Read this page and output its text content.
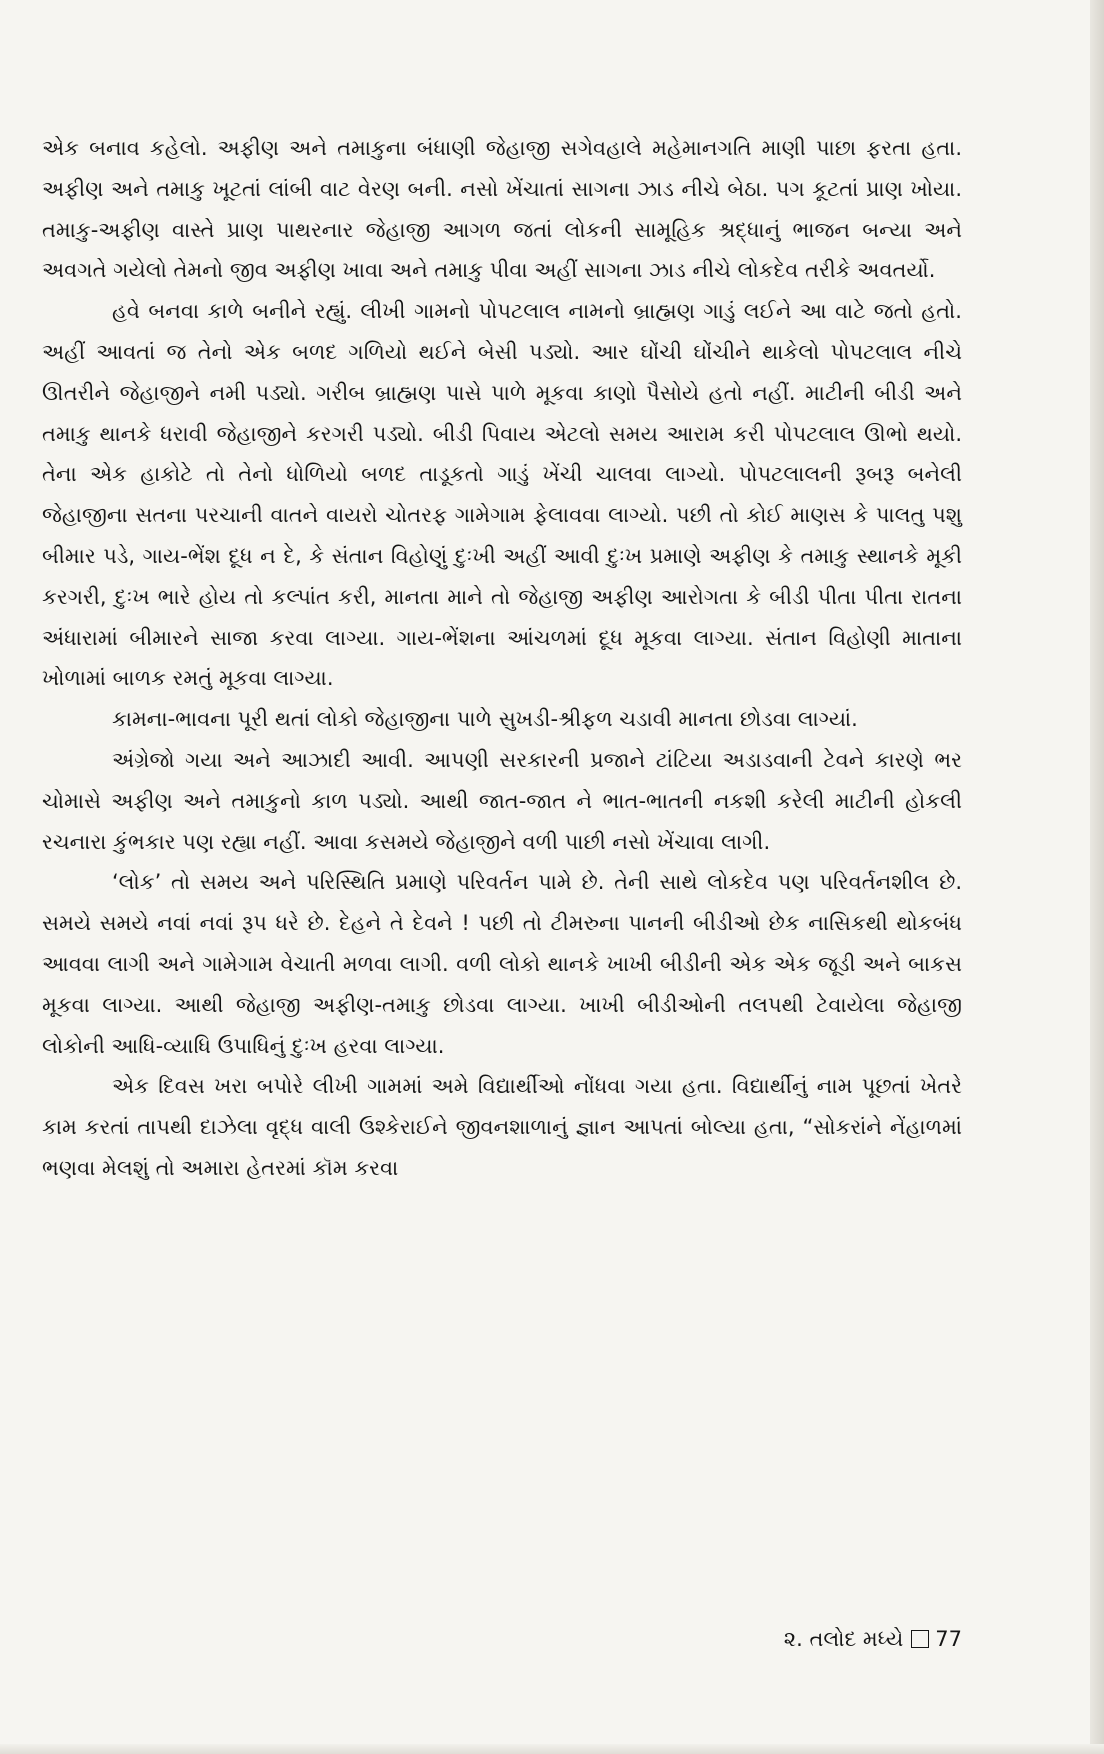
એક બનાવ કહેલો. અફીણ અને તમાકુના બંધાણી જેહાજી સગેવહાલે મહેમાનગતિ માણી પાછા ફરતા હતા. અફીણ અને તમાકુ ખૂટતાં લાંબી વાટ વેરણ બની. નસો ખેંચાતાં સાગના ઝાડ નીચે બેઠા. પગ કૂટતાં પ્રાણ ખોયા. તમાકુ-અફીણ વાસ્તે પ્રાણ પાથરનાર જેહાજી આગળ જતાં લોકની સામૂહિક શ્રદ્ધાનું ભાજન બન્યા અને અવગતે ગયેલો તેમનો જીવ અફીણ ખાવા અને તમાકુ પીવા અહીં સાગના ઝાડ નીચે લોકદેવ તરીકે અવતર્યો.

હવે બનવા કાળે બનીને રહ્યું. લીખી ગામનો પોપટલાલ નામનો બ્રાહ્મણ ગાડું લઈને આ વાટે જતો હતો. અહીં આવતાં જ તેનો એક બળદ ગળિયો થઈને બેસી પડ્યો. આર ઘોંચી ઘોંચીને થાકેલો પોપટલાલ નીચે ઊતરીને જેહાજીને નમી પડ્યો. ગરીબ બ્રાહ્મણ પાસે પાળે મૂકવા કાણો પૈસોયે હતો નહીં. માટીની બીડી અને તમાકુ થાનકે ધરાવી જેહાજીને કરગરી પડ્યો. બીડી પિવાય એટલો સમય આરામ કરી પોપટલાલ ઊભો થયો. તેના એક હાકોટે તો તેનો ધોળિયો બળદ તાડૂકતો ગાડું ખેંચી ચાલવા લાગ્યો. પોપટલાલની રૂબરૂ બનેલી જેહાજીના સતના પરચાની વાતને વાયરો ચોતરફ ગામેગામ ફેલાવવા લાગ્યો. પછી તો કોઈ માણસ કે પાલતુ પશુ બીમાર પડે, ગાય-ભેંશ દૂધ ન દે, કે સંતાન વિહોણું દુઃખી અહીં આવી દુઃખ પ્રમાણે અફીણ કે તમાકુ સ્થાનકે મૂકી કરગરી, દુઃખ ભારે હોય તો કલ્પાંત કરી, માનતા માને તો જેહાજી અફીણ આરોગતા કે બીડી પીતા પીતા રાતના અંધારામાં બીમારને સાજા કરવા લાગ્યા. ગાય-ભેંશના આંચળમાં દૂધ મૂકવા લાગ્યા. સંતાન વિહોણી માતાના ખોળામાં બાળક રમતું મૂકવા લાગ્યા.

કામના-ભાવના પૂરી થતાં લોકો જેહાજીના પાળે સુખડી-શ્રીફળ ચડાવી માનતા છોડવા લાગ્યાં.

અંગ્રેજો ગયા અને આઝાદી આવી. આપણી સરકારની પ્રજાને ટાંટિયા અડાડવાની ટેવને કારણે ભર ચોમાસે અફીણ અને તમાકુનો કાળ પડ્યો. આથી જાત-જાત ને ભાત-ભાતની નકશી કરેલી માટીની હોકલી રચનારા કુંભકાર પણ રહ્યા નહીં. આવા કસમયે જેહાજીને વળી પાછી નસો ખેંચાવા લાગી.

‘લોક’ તો સમય અને પરિસ્થિતિ પ્રમાણે પરિવર્તન પામે છે. તેની સાથે લોકદેવ પણ પરિવર્તનશીલ છે. સમયે સમયે નવાં નવાં રૂપ ધરે છે. દેહને તે દેવને ! પછી તો ટીમરુના પાનની બીડીઓ છેક નાસિકથી થોકબંધ આવવા લાગી અને ગામેગામ વેચાતી મળવા લાગી. વળી લોકો થાનકે ખાખી બીડીની એક એક જૂડી અને બાકસ મૂકવા લાગ્યા. આથી જેહાજી અફીણ-તમાકુ છોડવા લાગ્યા. ખાખી બીડીઓની તલપથી ટેવાયેલા જેહાજી લોકોની આધિ-વ્યાધિ ઉપાધિનું દુઃખ હરવા લાગ્યા.

એક દિવસ ખરા બપોરે લીખી ગામમાં અમે વિદ્યાર્થીઓ નોંધવા ગયા હતા. વિદ્યાર્થીનું નામ પૂછતાં ખેતરે કામ કરતાં તાપથી દાઝેલા વૃદ્ધ વાલી ઉશ્કેરાઈને જીવનશાળાનું જ્ઞાન આપતાં બોલ્યા હતા, “સોકરાંને નેંહાળમાં ભણવા મેલશું તો અમારા હેતરમાં કૉમ કરવા

૨. તલોદ મધ્યે 77
